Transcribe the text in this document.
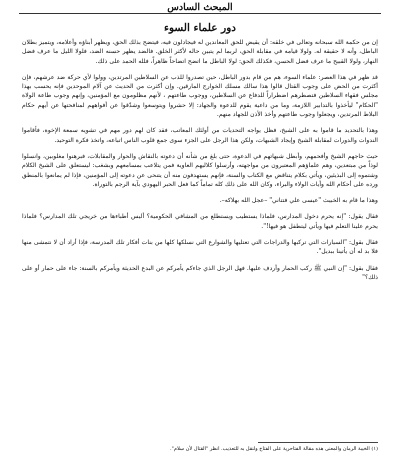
المبحث السادس
دور علماء السوء

إن من حكمة الله سبحانه وتعالى في خلقه: أن يقيض للحق المعاندين له فيجادلون فيه، فيتضح بذلك الحق، ويظهر أبناؤه وأعلامه، ويتميز بطلان الباطل، وأنه لا حقيقة له. ولولا قيامه في مقابلة الحق، لربما لم يتبين حاله لأكثر الخلق. فالضد يظهر حسنه الضد، فلولا الليل ما عرف فضل النهار، ولولا القبيح ما عرف فضل الحسن، فكذلك الحق: لولا الباطل ما اتضح اتضاحاً ظاهراً، فلله الحمد على ذلك.

قد ظهر في هذا العصر: علماء السوء، هم من قام بدور الباطل، حين تصدروا للذب عن السلاطين المرتدين، وولوا لأي حركة ضد عرشهم، فإن أكثرت من الحض على وجوب القتال قالوا هذا سالك مسلك الخوارج المارقين. وإن أكثرت من الحديث عن آلام الموحدين فإنه يحسب بهذا مجلس فقهاء السلاطين فتصطرهم اضطراراً للدفاع عن السلاطين، ووجوب طاعتهم ، لأنهم مظلومون مع المؤمنين، وإنهم وجوب طاعة الولاة "الحكام" ليأخذوا بالتدابير اللازمة، وما من داعية يقوم للدعوة والجهاد: إلا حشروا ويتوسعوا وشدّقوا عن أفواههم لمنافحتها عن أيهم حكام البلاط المرتدين، ويجعلوا وجوب طاعتهم وأخذ الأذن للجهاد منهم.

وهذا بالتحديد ما قاموا به على الشيخ، فظل يواجه التحديات من أولئك المعاتب، فقد كان لهم دور مهم في تشويه سمعة الإخوة، فأقاموا الندوات والدورات لمقابلة الشيخ وإيجاد الشبهات، ولكن هذا الرجل على الجزء سوى جمع قلوب الناس اتباعه، واتخذ فكرة التوحيد.

حيث حاجهم الشيخ وأفحمهم، وأبطل شبهاتهم في الدعوة، حتى بلغ من شأنه أن دعوته بالنقاش والحوار والمقابلات، فبرهنوا مغلوبين، وانسلوا لوذاً من مبتعدين، وهم علماؤهم المعتبرون من مواجهته، وأرسلوا كلاليهم العاوية فمن يتلاعب بمسامعهم وبشغب: ليستعلق على الشيخ الكلام وشتموه إلى البذيئين، ويأتي بكلام يتناقض مع الكتاب والسنة، فإنهم يستهدفون منه أن يتنحى عن دعوته إلى المؤمنين، فإذا لم يمانعوا بالمنطق ورده على أحكام الله وأيات الولاء والبراء، وكان الله على ذلك كله تماماً كما فعل الحبر اليهودي بآية الرجم بالتوراة.

وهذا ما قام به الخبيث "عيسى علي فتتاني" –عجل الله بهلاكه–.

فقال يقول: "إنه يحرم دخول المدارس، فلماذا يستطيب ويستطلع من المشافي الحكومية؟ أليس أطباءها من خريجي تلك المدارس؟ فلماذا يحرم علينا التعلم فيها ويأتي ليتطفل هو فيها!".

فقال بقول: "السيارات التي تركبها والدراجات التي تعتليها والشوارع التي نسلكها كلها من بنات أفكار تلك المدرسة، فإذا أراد أن لا نتمشى منها فلا بد له أن يأتينا ببديل".

فقال بقول: "إن النبي ﷺ ركب الحمار وأردف عليها. فهل الرجل الذي جاءكم يأمركم عن البدع الحديثة ويأمركم بالسنة: جاء على حمار أو على ذلك؟"

(١) الخيبة الرمان والمعنى هذه مقالة الفتاحرية على الفتاح ولنقل به للتعذيب. انظر "القتال لأن سلام".
